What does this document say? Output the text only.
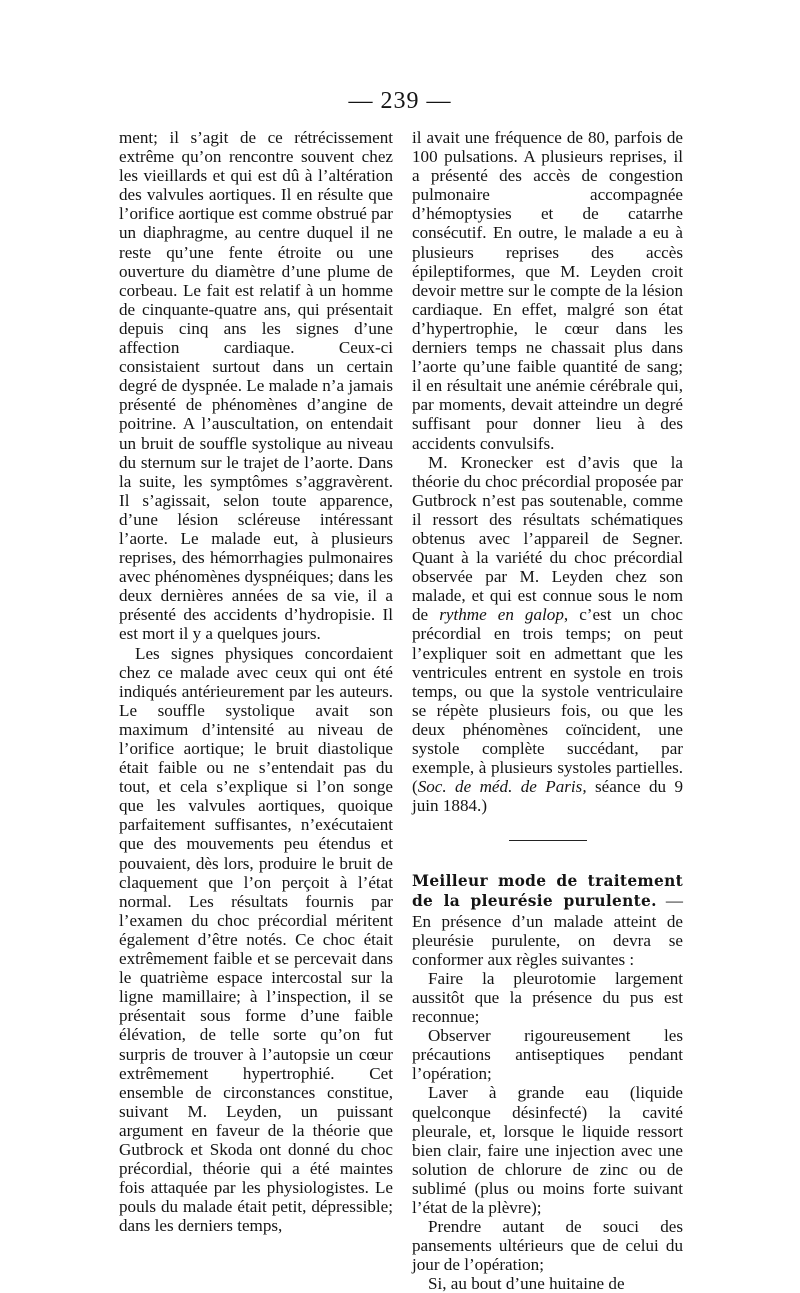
— 239 —

ment; il s’agit de ce rétrécissement extrême qu’on rencontre souvent chez les vieillards et qui est dû à l’altération des valvules aortiques. Il en résulte que l’orifice aortique est comme obstrué par un diaphragme, au centre duquel il ne reste qu’une fente étroite ou une ouverture du diamètre d’une plume de corbeau. Le fait est relatif à un homme de cinquante-quatre ans, qui présentait depuis cinq ans les signes d’une affection cardiaque. Ceux-ci consistaient surtout dans un certain degré de dyspnée. Le malade n’a jamais présenté de phénomènes d’angine de poitrine. A l’auscultation, on entendait un bruit de souffle systolique au niveau du sternum sur le trajet de l’aorte. Dans la suite, les symptômes s’aggravèrent. Il s’agissait, selon toute apparence, d’une lésion scléreuse intéressant l’aorte. Le malade eut, à plusieurs reprises, des hémorrhagies pulmonaires avec phénomènes dyspnéiques; dans les deux dernières années de sa vie, il a présenté des accidents d’hydropisie. Il est mort il y a quelques jours.

Les signes physiques concordaient chez ce malade avec ceux qui ont été indiqués antérieurement par les auteurs. Le souffle systolique avait son maximum d’intensité au niveau de l’orifice aortique; le bruit diastolique était faible ou ne s’entendait pas du tout, et cela s’explique si l’on songe que les valvules aortiques, quoique parfaitement suffisantes, n’exécutaient que des mouvements peu étendus et pouvaient, dès lors, produire le bruit de claquement que l’on perçoit à l’état normal. Les résultats fournis par l’examen du choc précordial méritent également d’être notés. Ce choc était extrêmement faible et se percevait dans le quatrième espace intercostal sur la ligne mamillaire; à l’inspection, il se présentait sous forme d’une faible élévation, de telle sorte qu’on fut surpris de trouver à l’autopsie un cœur extrêmement hypertrophié. Cet ensemble de circonstances constitue, suivant M. Leyden, un puissant argument en faveur de la théorie que Gutbrock et Skoda ont donné du choc précordial, théorie qui a été maintes fois attaquée par les physiologistes. Le pouls du malade était petit, dépressible; dans les derniers temps,

il avait une fréquence de 80, parfois de 100 pulsations. A plusieurs reprises, il a présenté des accès de congestion pulmonaire accompagnée d’hémoptysies et de catarrhe consécutif. En outre, le malade a eu à plusieurs reprises des accès épileptiformes, que M. Leyden croit devoir mettre sur le compte de la lésion cardiaque. En effet, malgré son état d’hypertrophie, le cœur dans les derniers temps ne chassait plus dans l’aorte qu’une faible quantité de sang; il en résultait une anémie cérébrale qui, par moments, devait atteindre un degré suffisant pour donner lieu à des accidents convulsifs.

M. Kronecker est d’avis que la théorie du choc précordial proposée par Gutbrock n’est pas soutenable, comme il ressort des résultats schématiques obtenus avec l’appareil de Segner. Quant à la variété du choc précordial observée par M. Leyden chez son malade, et qui est connue sous le nom de rythme en galop, c’est un choc précordial en trois temps; on peut l’expliquer soit en admettant que les ventricules entrent en systole en trois temps, ou que la systole ventriculaire se répète plusieurs fois, ou que les deux phénomènes coïncident, une systole complète succédant, par exemple, à plusieurs systoles partielles. (Soc. de méd. de Paris, séance du 9 juin 1884.)

Meilleur mode de traitement de la pleurésie purulente. — En présence d’un malade atteint de pleurésie purulente, on devra se conformer aux règles suivantes :

Faire la pleurotomie largement aussitôt que la présence du pus est reconnue;

Observer rigoureusement les précautions antiseptiques pendant l’opération;

Laver à grande eau (liquide quelconque désinfecté) la cavité pleurale, et, lorsque le liquide ressort bien clair, faire une injection avec une solution de chlorure de zinc ou de sublimé (plus ou moins forte suivant l’état de la plèvre);

Prendre autant de souci des pansements ultérieurs que de celui du jour de l’opération;

Si, au bout d’une huitaine de
